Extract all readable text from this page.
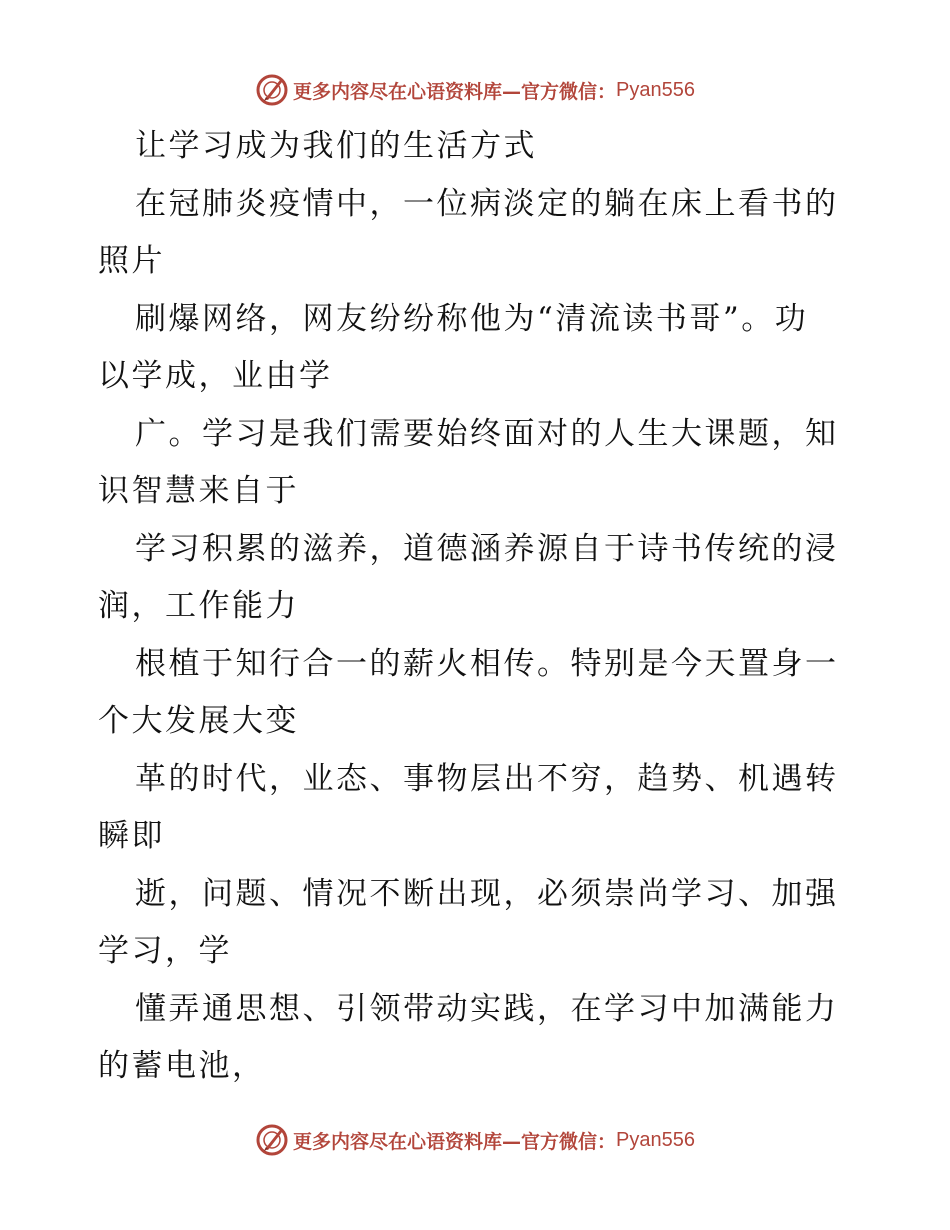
更多内容尽在心语资料库—官方微信： Pyan556
让学习成为我们的生活方式
在冠肺炎疫情中，一位病淡定的躺在床上看书的
照片
刷爆网络，网友纷纷称他为“清流读书哥”。功
以学成，业由学
广。学习是我们需要始终面对的人生大课题，知
识智慧来自于
学习积累的滋养，道德涵养源自于诗书传统的浸
润，工作能力
根植于知行合一的薪火相传。特别是今天置身一
个大发展大变
革的时代，业态、事物层出不穷，趋势、机遇转
瞬即
逝，问题、情况不断出现，必须崇尚学习、加强
学习，学
懂弄通思想、引领带动实践，在学习中加满能力
的蓄电池，
更多内容尽在心语资料库—官方微信： Pyan556
